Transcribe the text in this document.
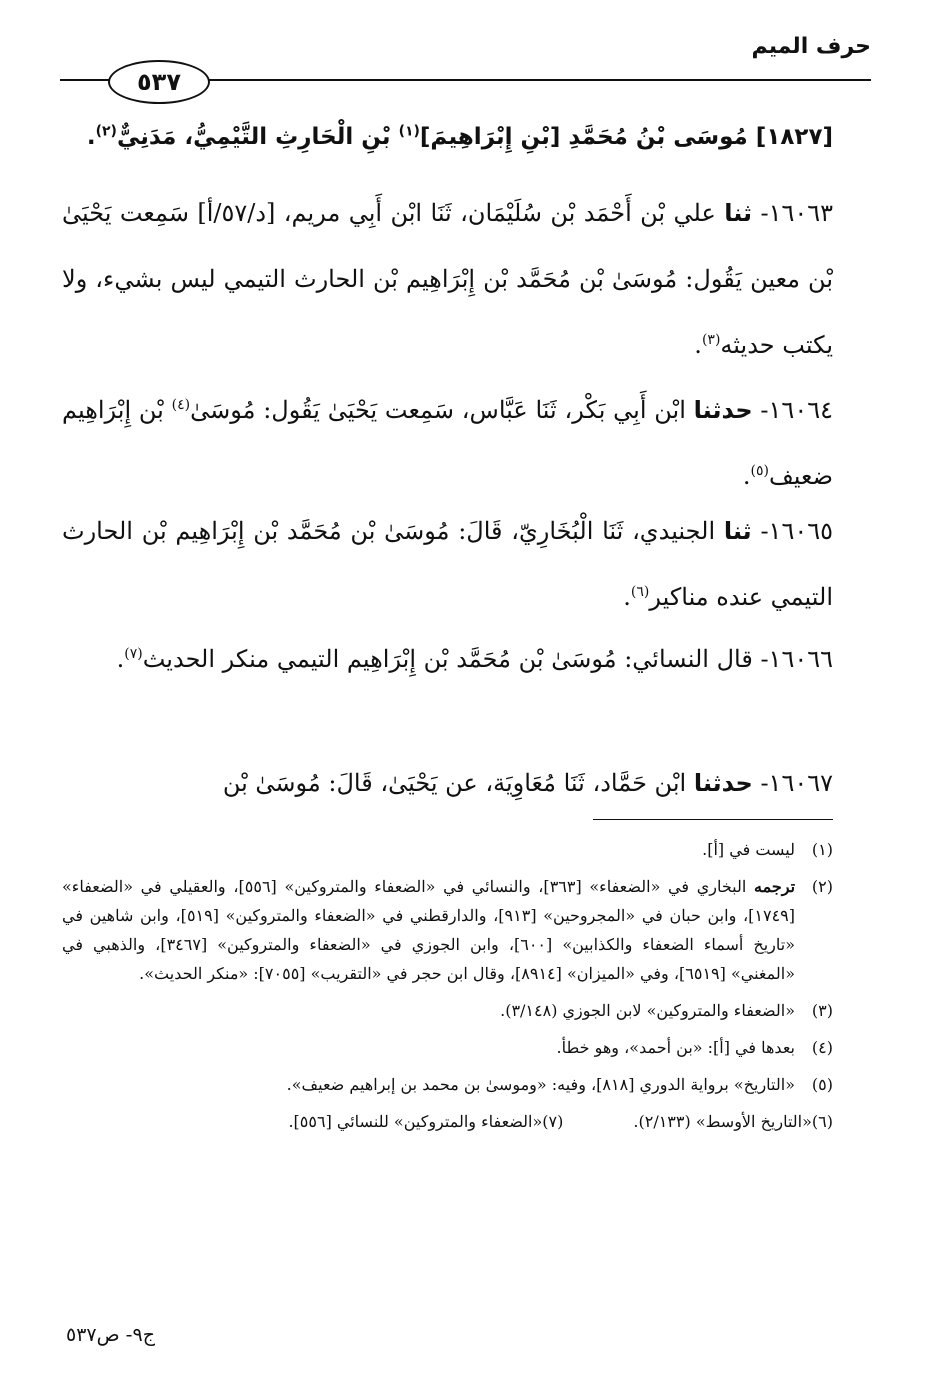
حرف الميم
٥٣٧
[١٨٢٧] مُوسَى بْنُ مُحَمَّدِ [بْنِ إِبْرَاهِيمَ]$^{(١)}$ بْنِ الْحَارِثِ التَّيْمِيُّ، مَدَنِيٌّ$^{(٢)}$.
١٦٠٦٣- ثنا علي بْن أَحْمَد بْن سُلَيْمَان، ثَنَا ابْن أَبِي مريم، [د/٥٧/أ] سَمِعت يَحْيَىٰ بْن معين يَقُول: مُوسَىٰ بْن مُحَمَّد بْن إِبْرَاهِيم بْن الحارث التيمي ليس بشيء، ولا يكتب حديثه$^{(٣)}$.
١٦٠٦٤- حدثنا ابْن أَبِي بَكْر، ثَنَا عَبَّاس، سَمِعت يَحْيَىٰ يَقُول: مُوسَىٰ$^{(٤)}$ بْن إِبْرَاهِيم ضعيف$^{(٥)}$.
١٦٠٦٥- ثنا الجنيدي، ثَنَا الْبُخَارِيّ، قَالَ: مُوسَىٰ بْن مُحَمَّد بْن إِبْرَاهِيم بْن الحارث التيمي عنده مناكير$^{(٦)}$.
١٦٠٦٦- قال النسائي: مُوسَىٰ بْن مُحَمَّد بْن إِبْرَاهِيم التيمي منكر الحديث$^{(٧)}$.
١٦٠٦٧- حدثنا ابْن حَمَّاد، ثَنَا مُعَاوِيَة، عن يَحْيَىٰ، قَالَ: مُوسَىٰ بْن
(١)
ليست في [أ].
(٢)
ترجمه البخاري في «الضعفاء» [٣٦٣]، والنسائي في «الضعفاء والمتروكين» [٥٥٦]، والعقيلي في «الضعفاء» [١٧٤٩]، وابن حبان في «المجروحين» [٩١٣]، والدارقطني في «الضعفاء والمتروكين» [٥١٩]، وابن شاهين في «تاريخ أسماء الضعفاء والكذابين» [٦٠٠]، وابن الجوزي في «الضعفاء والمتروكين» [٣٤٦٧]، والذهبي في «المغني» [٦٥١٩]، وفي «الميزان» [٨٩١٤]، وقال ابن حجر في «التقريب» [٧٠٥٥]: «منكر الحديث».
(٣)
«الضعفاء والمتروكين» لابن الجوزي (٣/١٤٨).
(٤)
بعدها في [أ]: «بن أحمد»، وهو خطأ.
(٥)
«التاريخ» برواية الدوري [٨١٨]، وفيه: «وموسىٰ بن محمد بن إبراهيم ضعيف».
(٦)
«التاريخ الأوسط» (٢/١٣٣).
(٧)
«الضعفاء والمتروكين» للنسائي [٥٥٦].
ج٩- ص٥٣٧
